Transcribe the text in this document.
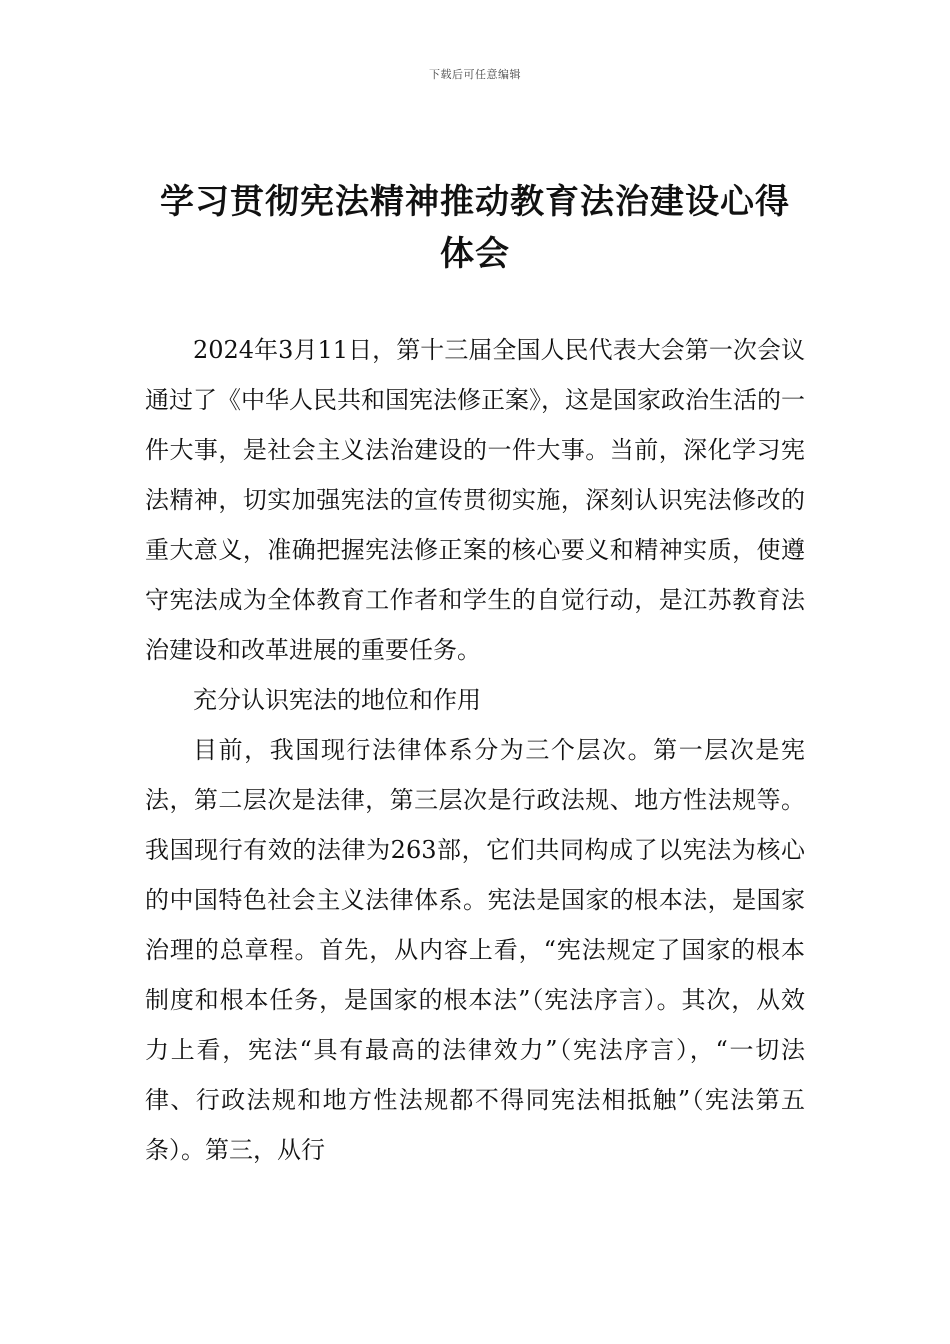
下载后可任意编辑
学习贯彻宪法精神推动教育法治建设心得体会

2024年3月11日，第十三届全国人民代表大会第一次会议通过了《中华人民共和国宪法修正案》，这是国家政治生活的一件大事，是社会主义法治建设的一件大事。当前，深化学习宪法精神，切实加强宪法的宣传贯彻实施，深刻认识宪法修改的重大意义，准确把握宪法修正案的核心要义和精神实质，使遵守宪法成为全体教育工作者和学生的自觉行动，是江苏教育法治建设和改革进展的重要任务。

充分认识宪法的地位和作用

目前，我国现行法律体系分为三个层次。第一层次是宪法，第二层次是法律，第三层次是行政法规、地方性法规等。我国现行有效的法律为263部，它们共同构成了以宪法为核心的中国特色社会主义法律体系。宪法是国家的根本法，是国家治理的总章程。首先，从内容上看，“宪法规定了国家的根本制度和根本任务，是国家的根本法”（宪法序言）。其次，从效力上看，宪法“具有最高的法律效力”（宪法序言），“一切法律、行政法规和地方性法规都不得同宪法相抵触”（宪法第五条）。第三，从行
